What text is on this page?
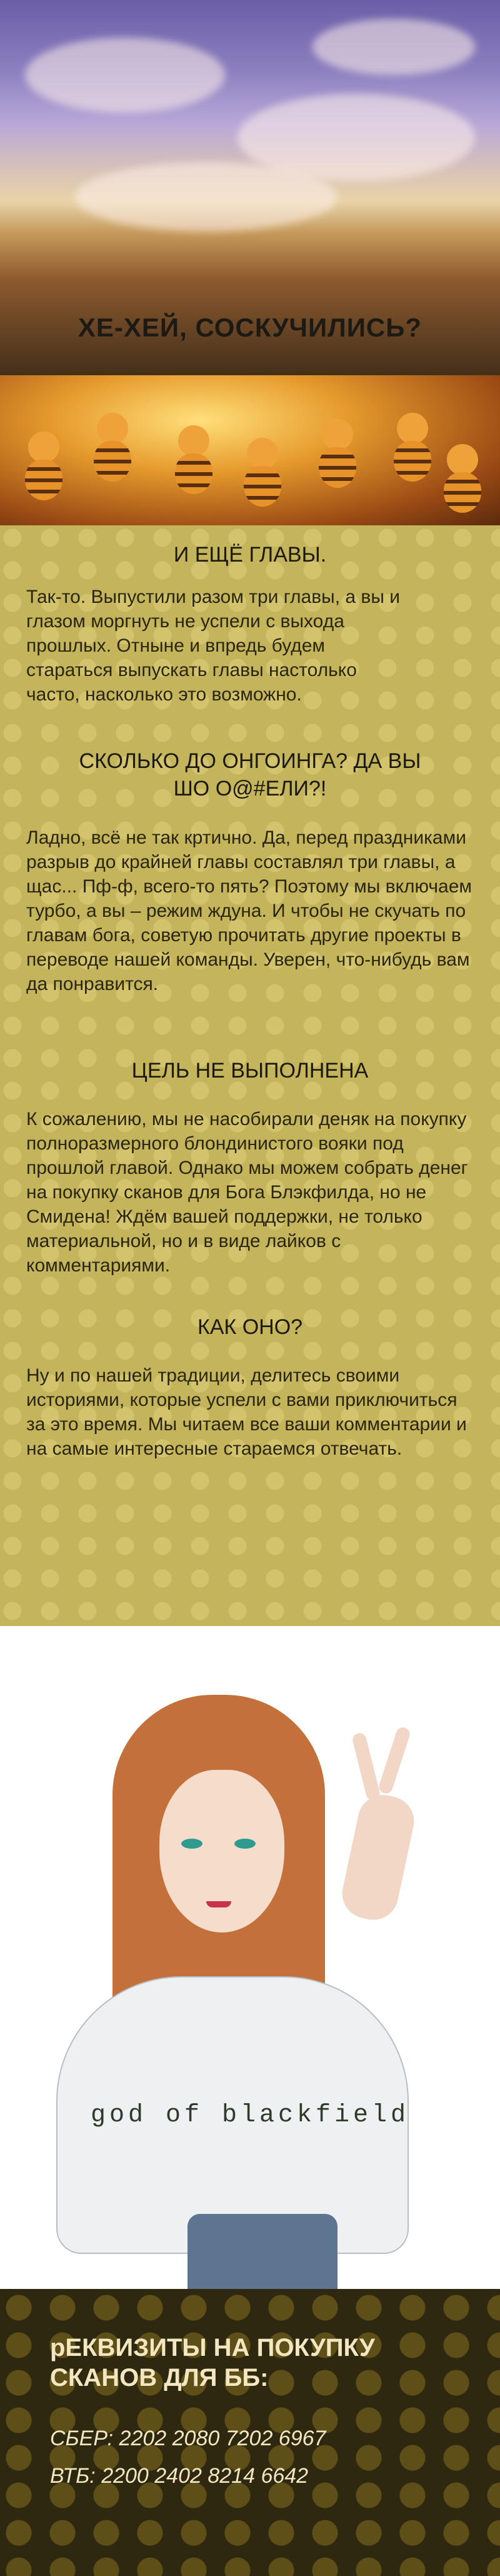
ХЕ-ХЕЙ, СОСКУЧИЛИСЬ?
И ЕЩЁ ГЛАВЫ.
Так-то. Выпустили разом три главы, а вы и глазом моргнуть не успели с выхода прошлых. Отныне и впредь будем стараться выпускать главы настолько часто, насколько это возможно.
СКОЛЬКО ДО ОНГОИНГА? ДА ВЫ ШО О@#ЕЛИ?!
Ладно, всё не так кртично. Да, перед праздниками разрыв до крайней главы составлял три главы, а щас... Пф-ф, всего-то пять? Поэтому мы включаем турбо, а вы – режим ждуна. И чтобы не скучать по главам бога, советую прочитать другие проекты в переводе нашей команды. Уверен, что-нибудь вам да понравится.
ЦЕЛЬ НЕ ВЫПОЛНЕНА
К сожалению, мы не насобирали деняк на покупку полноразмерного блондинистого вояки под прошлой главой. Однако мы можем собрать денег на покупку сканов для Бога Блэкфилда, но не Смидена! Ждём вашей поддержки, не только материальной, но и в виде лайков с комментариями.
КАК ОНО?
Ну и по нашей традиции, делитесь своими историями, которые успели с вами приключиться за это время. Мы читаем все ваши комментарии и на самые интересные стараемся отвечать.
god of blackfield
рЕКВИЗИТЫ НА ПОКУПКУ СКАНОВ ДЛЯ ББ:
СБЕР: 2202 2080 7202 6967
ВТБ: 2200 2402 8214 6642
